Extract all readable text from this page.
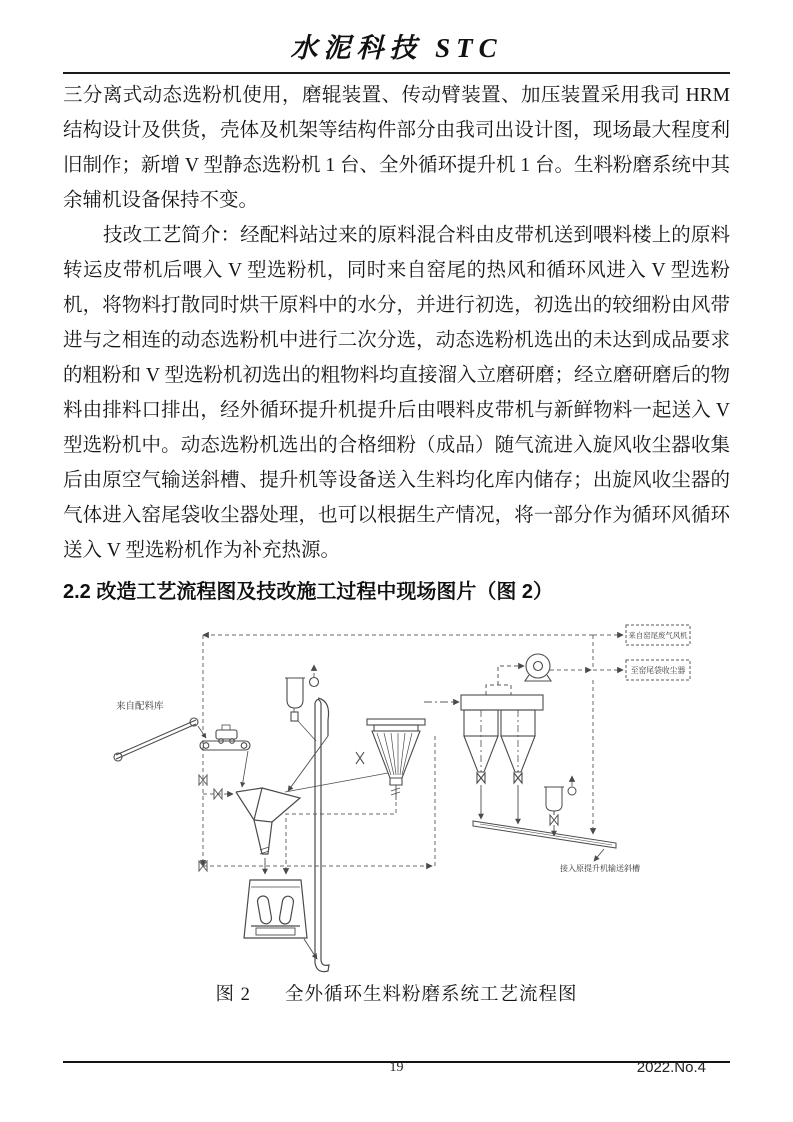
水泥科技 STC

三分离式动态选粉机使用，磨辊装置、传动臂装置、加压装置采用我司 HRM 结构设计及供货，壳体及机架等结构件部分由我司出设计图，现场最大程度利旧制作；新增 V 型静态选粉机 1 台、全外循环提升机 1 台。生料粉磨系统中其余辅机设备保持不变。

技改工艺简介：经配料站过来的原料混合料由皮带机送到喂料楼上的原料转运皮带机后喂入 V 型选粉机，同时来自窑尾的热风和循环风进入 V 型选粉机，将物料打散同时烘干原料中的水分，并进行初选，初选出的较细粉由风带进与之相连的动态选粉机中进行二次分选，动态选粉机选出的未达到成品要求的粗粉和 V 型选粉机初选出的粗物料均直接溜入立磨研磨；经立磨研磨后的物料由排料口排出，经外循环提升机提升后由喂料皮带机与新鲜物料一起送入 V 型选粉机中。动态选粉机选出的合格细粉（成品）随气流进入旋风收尘器收集后由原空气输送斜槽、提升机等设备送入生料均化库内储存；出旋风收尘器的气体进入窑尾袋收尘器处理，也可以根据生产情况，将一部分作为循环风循环送入 V 型选粉机作为补充热源。

2.2 改造工艺流程图及技改施工过程中现场图片（图 2）
来自窑尾废气风机
至窑尾袋收尘器
接入原提升机输送斜槽
来自配料库
图 2 全外循环生料粉磨系统工艺流程图
19	2022.No.4
